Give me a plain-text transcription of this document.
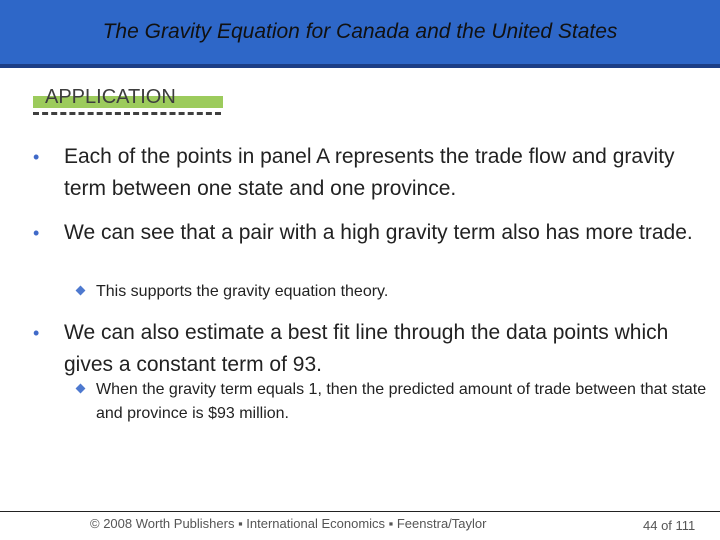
The Gravity Equation for Canada and the United States
APPLICATION
•	Each of the points in panel A represents the trade flow and gravity term between one state and one province.
•	We can see that a pair with a high gravity term also has more trade.
This supports the gravity equation theory.
•	We can also estimate a best fit line through the data points which gives a constant term of 93.
When the gravity term equals 1, then the predicted amount of trade between that state and province is $93 million.
© 2008 Worth Publishers ▪ International Economics ▪ Feenstra/Taylor	44 of 111
